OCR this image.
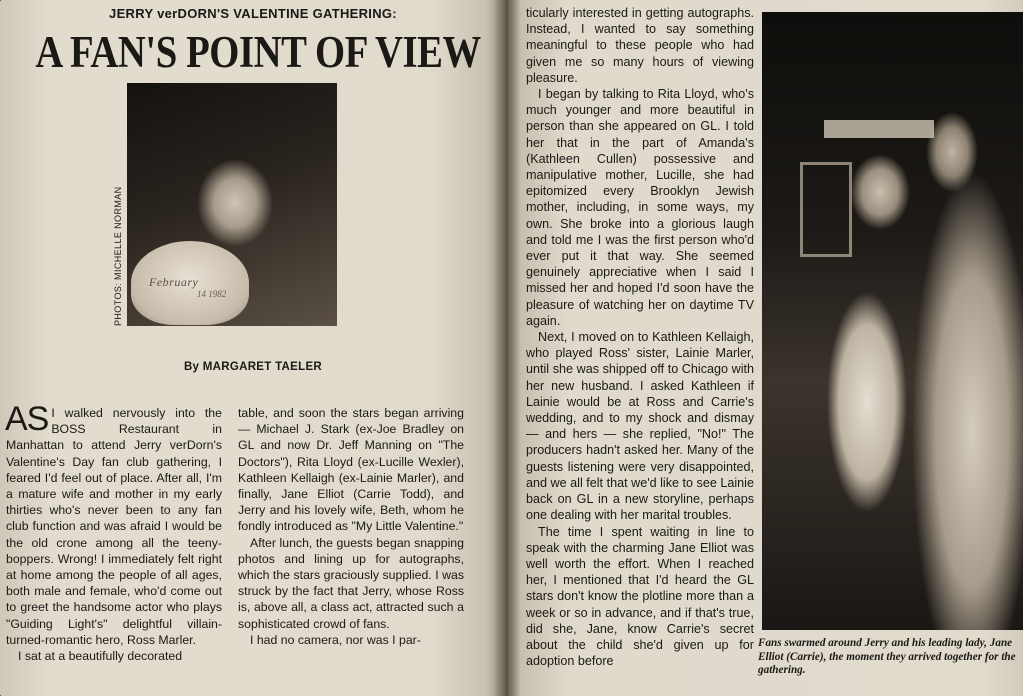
JERRY verDORN'S VALENTINE GATHERING:
A FAN'S POINT OF VIEW
February
14 1982
PHOTOS: MICHELLE NORMAN
By MARGARET TAELER

AS I walked nervously into the BOSS Restaurant in Manhattan to attend Jerry verDorn's Valentine's Day fan club gathering, I feared I'd feel out of place. After all, I'm a mature wife and mother in my early thirties who's never been to any fan club function and was afraid I would be the old crone among all the teeny-boppers. Wrong! I immediately felt right at home among the people of all ages, both male and female, who'd come out to greet the handsome actor who plays "Guiding Light's" delightful villain-turned-romantic hero, Ross Marler.

I sat at a beautifully decorated

table, and soon the stars began arriving — Michael J. Stark (ex-Joe Bradley on GL and now Dr. Jeff Manning on "The Doctors"), Rita Lloyd (ex-Lucille Wexler), Kathleen Kellaigh (ex-Lainie Marler), and finally, Jane Elliot (Carrie Todd), and Jerry and his lovely wife, Beth, whom he fondly introduced as "My Little Valentine."

After lunch, the guests began snapping photos and lining up for autographs, which the stars graciously supplied. I was struck by the fact that Jerry, whose Ross is, above all, a class act, attracted such a sophisticated crowd of fans.

I had no camera, nor was I par-

ticularly interested in getting autographs. Instead, I wanted to say something meaningful to these people who had given me so many hours of viewing pleasure.

I began by talking to Rita Lloyd, who's much younger and more beautiful in person than she appeared on GL. I told her that in the part of Amanda's (Kathleen Cullen) possessive and manipulative mother, Lucille, she had epitomized every Brooklyn Jewish mother, including, in some ways, my own. She broke into a glorious laugh and told me I was the first person who'd ever put it that way. She seemed genuinely appreciative when I said I missed her and hoped I'd soon have the pleasure of watching her on daytime TV again.

Next, I moved on to Kathleen Kellaigh, who played Ross' sister, Lainie Marler, until she was shipped off to Chicago with her new husband. I asked Kathleen if Lainie would be at Ross and Carrie's wedding, and to my shock and dismay — and hers — she replied, "No!" The producers hadn't asked her. Many of the guests listening were very disappointed, and we all felt that we'd like to see Lainie back on GL in a new storyline, perhaps one dealing with her marital troubles.

The time I spent waiting in line to speak with the charming Jane Elliot was well worth the effort. When I reached her, I mentioned that I'd heard the GL stars don't know the plotline more than a week or so in advance, and if that's true, did she, Jane, know Carrie's secret about the child she'd given up for adoption before

Fans swarmed around Jerry and his leading lady, Jane Elliot (Carrie), the moment they arrived together for the gathering.
